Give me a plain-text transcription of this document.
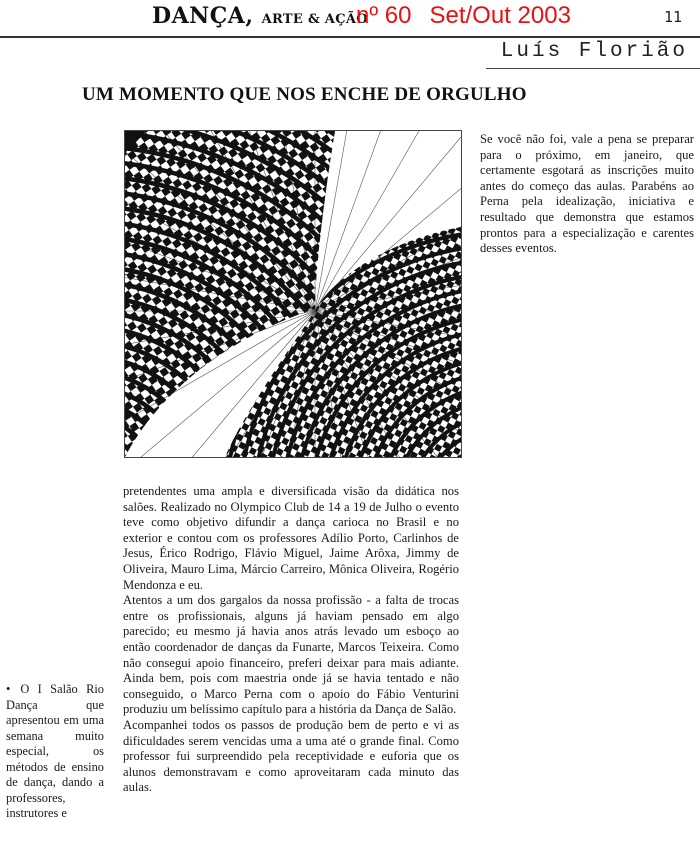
DANÇA, ARTE & AÇÃO
nº 60 Set/Out 2003	11
Luís Florião
UM MOMENTO QUE NOS ENCHE DE ORGULHO

Se você não foi, vale a pena se preparar para o próximo, em janeiro, que certamente esgotará as inscrições muito antes do começo das aulas. Parabéns ao Perna pela idealização, iniciativa e resultado que demonstra que estamos prontos para a especialização e carentes desses eventos.

pretendentes uma ampla e diversificada visão da didática nos salões. Realizado no Olympico Club de 14 a 19 de Julho o evento teve como objetivo difundir a dança carioca no Brasil e no exterior e contou com os professores Adílio Porto, Carlinhos de Jesus, Érico Rodrigo, Flávio Miguel, Jaime Arôxa, Jimmy de Oliveira, Mauro Lima, Márcio Carreiro, Mônica Oliveira, Rogério Mendonza e eu.

Atentos a um dos gargalos da nossa profissão - a falta de trocas entre os profissionais, alguns já haviam pensado em algo parecido; eu mesmo já havia anos atrás levado um esboço ao então coordenador de danças da Funarte, Marcos Teixeira. Como não consegui apoio financeiro, preferi deixar para mais adiante. Ainda bem, pois com maestria onde já se havia tentado e não conseguido, o Marco Perna com o apoio do Fábio Venturini produziu um belíssimo capítulo para a história da Dança de Salão.

Acompanhei todos os passos de produção bem de perto e vi as dificuldades serem vencidas uma a uma até o grande final. Como professor fui surpreendido pela receptividade e euforia que os alunos demonstravam e como aproveitaram cada minuto das aulas.

• O I Salão Rio Dança que apresentou em uma semana muito especial, os métodos de ensino de dança, dando a professores, instrutores e
